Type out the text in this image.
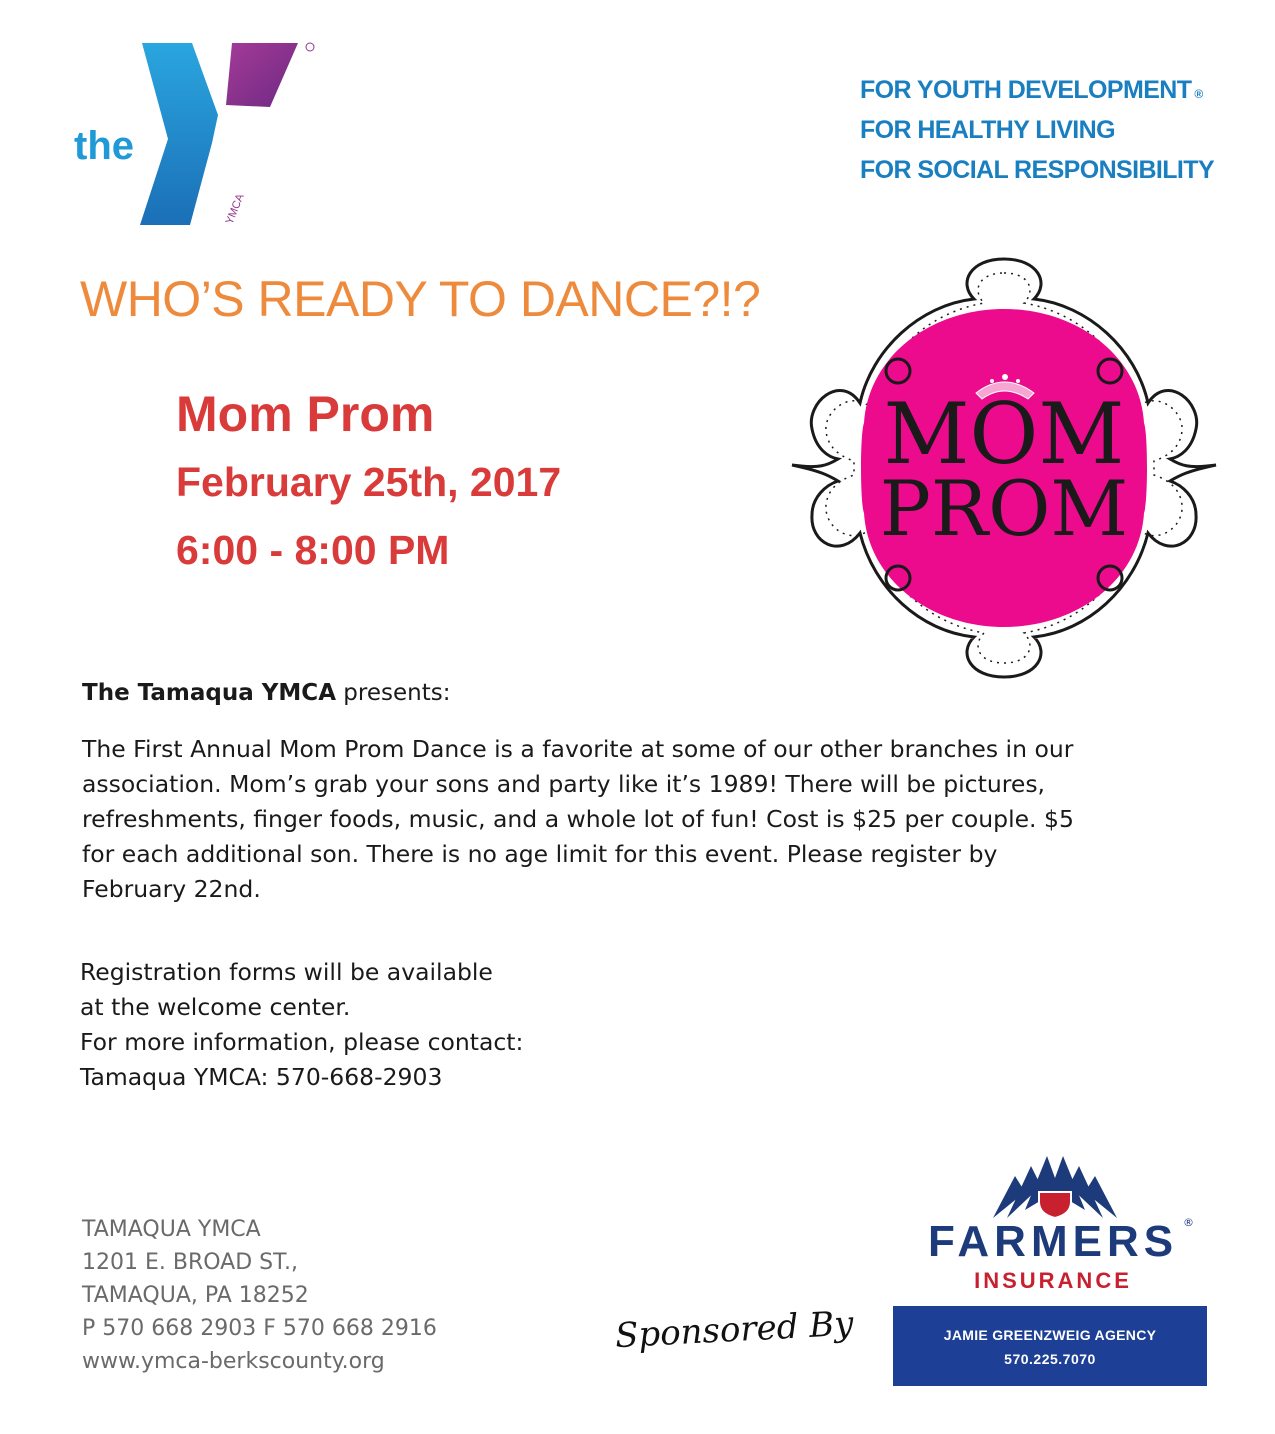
the
YMCA
FOR YOUTH DEVELOPMENT ®
FOR HEALTHY LIVING
FOR SOCIAL RESPONSIBILITY
WHO’S READY TO DANCE?!?
Mom Prom
February 25th, 2017
6:00 - 8:00 PM
MOM
PROM
The Tamaqua YMCA presents:
The First Annual Mom Prom Dance is a favorite at some of our other branches in our
association. Mom’s grab your sons and party like it’s 1989! There will be pictures,
refreshments, finger foods, music, and a whole lot of fun! Cost is $25 per couple. $5
for each additional son. There is no age limit for this event. Please register by
February 22nd.
Registration forms will be available
at the welcome center.
For more information, please contact:
Tamaqua YMCA: 570-668-2903
TAMAQUA YMCA
1201 E. BROAD ST.,
TAMAQUA, PA 18252
P 570 668 2903 F 570 668 2916
www.ymca-berkscounty.org
Sponsored By
FARMERS ®
INSURANCE
JAMIE GREENZWEIG AGENCY
570.225.7070
